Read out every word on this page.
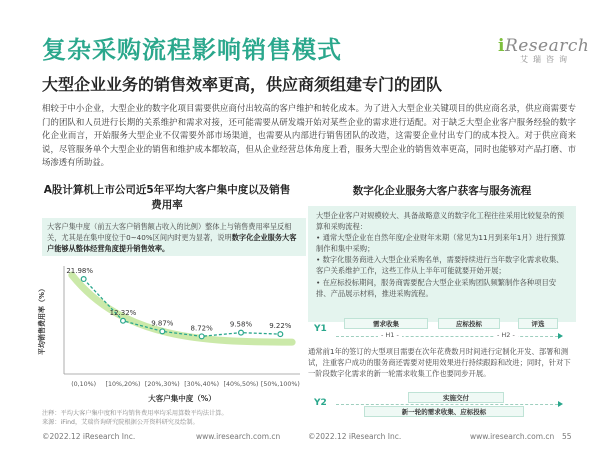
复杂采购流程影响销售模式	iResearch
艾瑞咨询
大型企业业务的销售效率更高，供应商须组建专门的团队
相较于中小企业，大型企业的数字化项目需要供应商付出较高的客户维护和转化成本。为了进入大型企业关键项目的供应商名录，供应商需要专门的团队和人员进行长期的关系维护和需求对接，还可能需要从研发端开始对某些企业的需求进行适配。对于缺乏大型企业客户服务经验的数字化企业而言，开始服务大型企业不仅需要外部市场渠道，也需要从内部进行销售团队的改造，这需要企业付出专门的成本投入。对于供应商来说，尽管服务单个大型企业的销售和维护成本都较高，但从企业经营总体角度上看，服务大型企业的销售效率更高，同时也能够对产品打磨、市场渗透有所助益。
A股计算机上市公司近5年平均大客户集中度以及销售费用率
数字化企业服务大客户获客与服务流程
大客户集中度（前五大客户销售额占收入的比例）整体上与销售费用率呈反相关，尤其是在集中度位于0~40%区间内时更为显著，说明数字化企业服务大客户能够从整体经营角度提升销售效率。
21.98%
12.32%
9.87%
8.72% 9.58% 9.22%
(0,10%) [10%,20%) [20%,30%) [30%,40%) [40%,50%) [50%,100%)
大客户集中度（%）
平均销售费用率（%）
注释：平均大客户集中度和平均销售费用率均采用算数平均法计算。
来源：iFind，艾瑞咨询研究院根据公开资料研究及绘制。
大型企业客户对规模较大、具备战略意义的数字化工程往往采用比较复杂的预算和采购流程：
• 通常大型企业在自然年度/企业财年末期（常见为11月到来年1月）进行预算制作和集中采购；
• 数字化服务商进入大型企业采购名单，需要持续进行当年数字化需求收集、客户关系维护工作，这些工作从上半年可能就要开始开展；
• 在应标投标期间，服务商需要配合大型企业采购团队频繁制作各种项目安排、产品展示材料，推进采购流程。
Y1	需求收集	应标投标	评选
- H1 -	- H2 -
通常前1年的签订的大型项目需要在次年花费数月时间进行定制化开发、部署和测试，注重客户成功的服务商还需要对使用效果进行持续跟踪和改进；同时，针对下一阶段数字化需求的新一轮需求收集工作也要同步开展。
Y2	实施交付
新一轮的需求收集、应标投标
©2022.12 iResearch Inc.	www.iresearch.com.cn	©2022.12 iResearch Inc.	www.iresearch.com.cn 55
